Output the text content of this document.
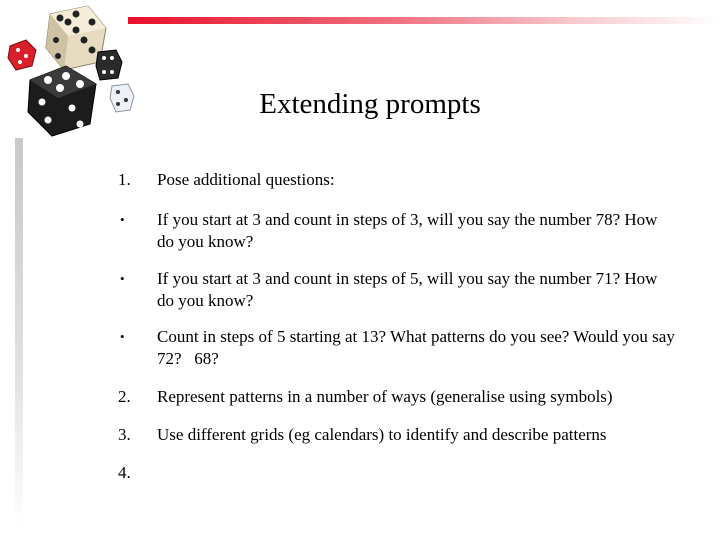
Extending prompts
1. Pose additional questions:
• If you start at 3 and count in steps of 3, will you say the number 78? How do you know?
• If you start at 3 and count in steps of 5, will you say the number 71? How do you know?
• Count in steps of 5 starting at 13? What patterns do you see? Would you say 72?   68?
2. Represent patterns in a number of ways (generalise using symbols)
3. Use different grids (eg calendars) to identify and describe patterns
4.
